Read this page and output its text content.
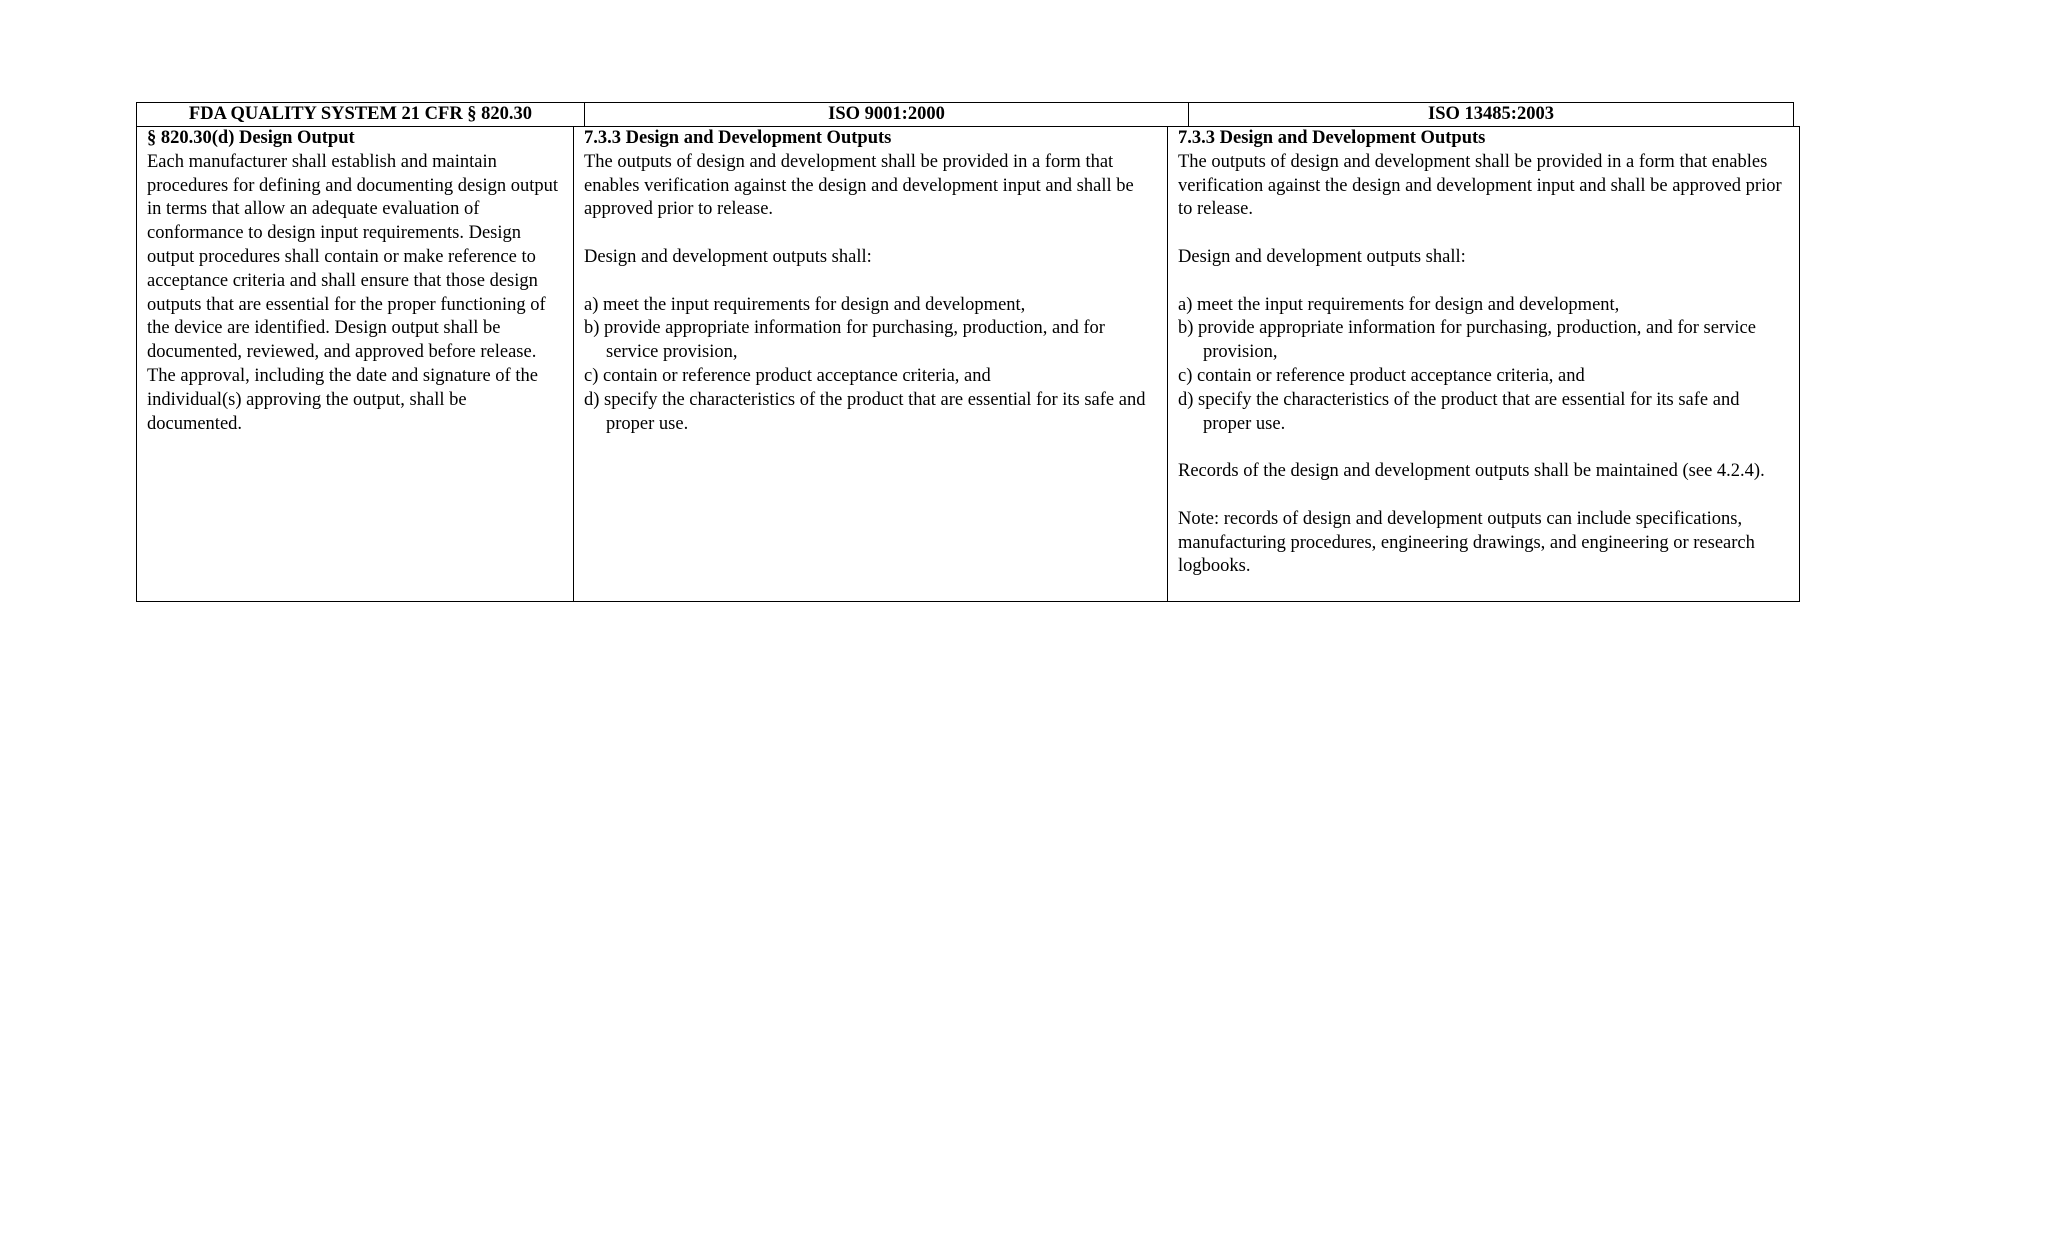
FDA QUALITY SYSTEM 21 CFR § 820.30	ISO 9001:2000	ISO 13485:2003
§ 820.30(d) Design Output

Each manufacturer shall establish and maintain procedures for defining and documenting design output in terms that allow an adequate evaluation of conformance to design input requirements. Design output procedures shall contain or make reference to acceptance criteria and shall ensure that those design outputs that are essential for the proper functioning of the device are identified. Design output shall be documented, reviewed, and approved before release. The approval, including the date and signature of the individual(s) approving the output, shall be documented.

7.3.3 Design and Development Outputs

The outputs of design and development shall be provided in a form that enables verification against the design and development input and shall be approved prior to release.

Design and development outputs shall:

a) meet the input requirements for design and development,
b) provide appropriate information for purchasing, production, and for service provision,
c) contain or reference product acceptance criteria, and
d) specify the characteristics of the product that are essential for its safe and proper use.
7.3.3 Design and Development Outputs

The outputs of design and development shall be provided in a form that enables verification against the design and development input and shall be approved prior to release.

Design and development outputs shall:

a) meet the input requirements for design and development,
b) provide appropriate information for purchasing, production, and for service provision,
c) contain or reference product acceptance criteria, and
d) specify the characteristics of the product that are essential for its safe and proper use.

Records of the design and development outputs shall be maintained (see 4.2.4).

Note: records of design and development outputs can include specifications, manufacturing procedures, engineering drawings, and engineering or research logbooks.
